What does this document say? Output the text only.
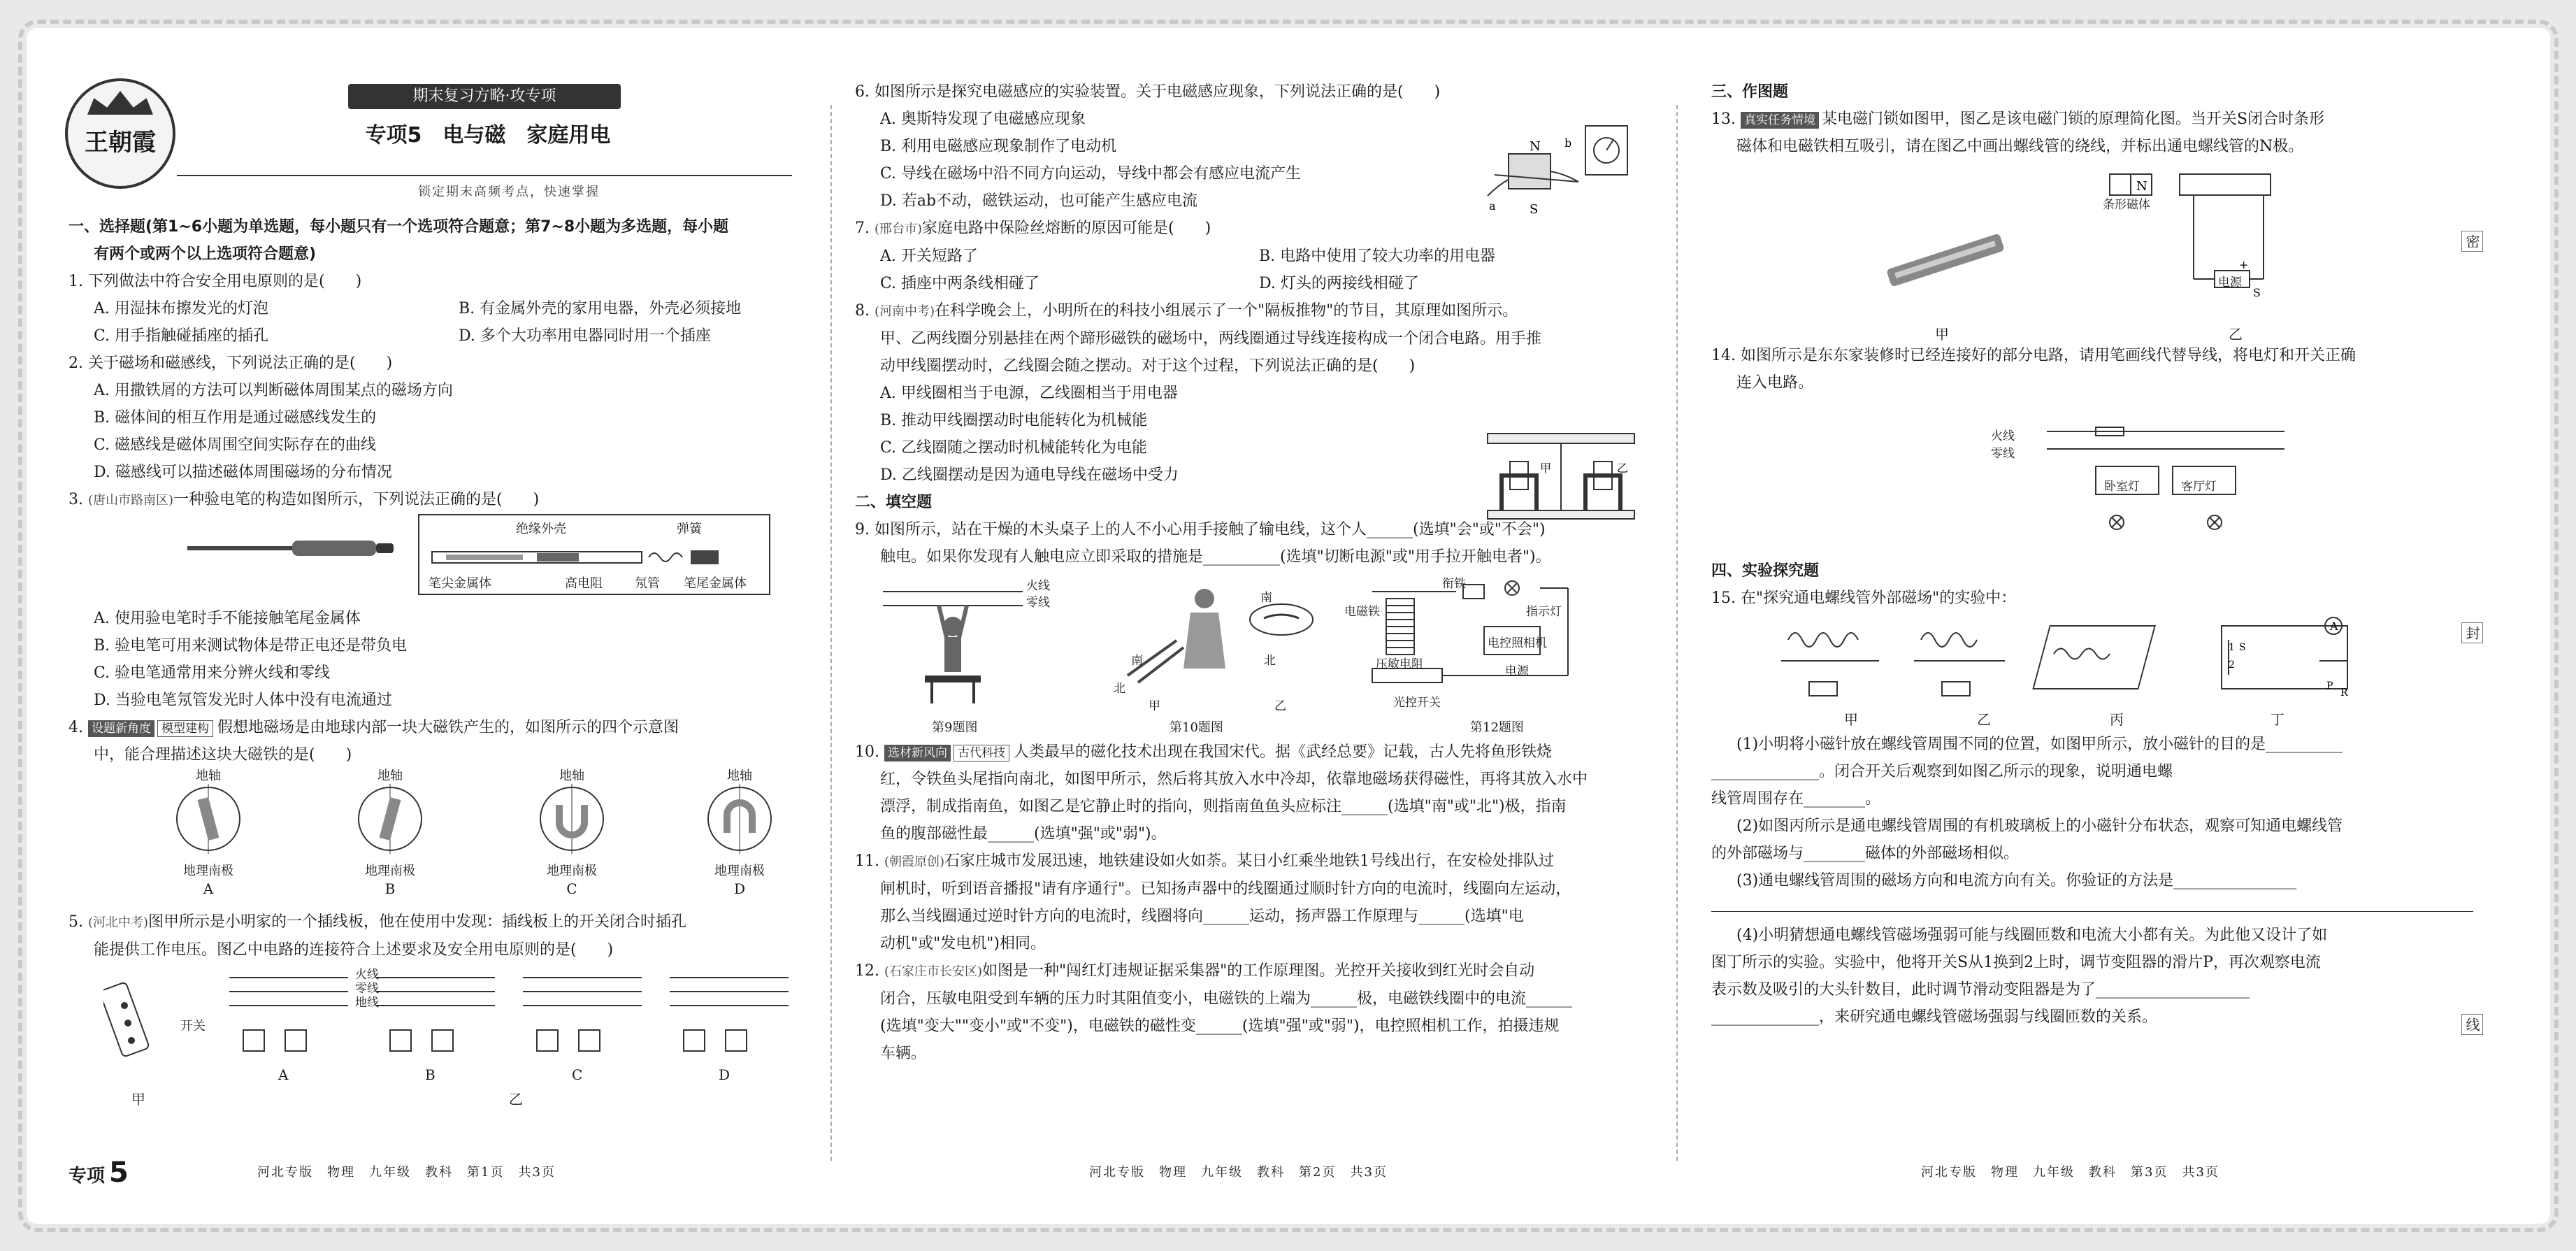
王朝霞
期末复习方略·攻专项
专项5　电与磁　家庭用电
锁定期末高频考点，快速掌握
一、选择题(第1~6小题为单选题，每小题只有一个选项符合题意；第7~8小题为多选题，每小题
有两个或两个以上选项符合题意)
1. 下列做法中符合安全用电原则的是(　　)
A. 用湿抹布擦发光的灯泡	B. 有金属外壳的家用电器，外壳必须接地
C. 用手指触碰插座的插孔	D. 多个大功率用电器同时用一个插座
2. 关于磁场和磁感线，下列说法正确的是(　　)
A. 用撒铁屑的方法可以判断磁体周围某点的磁场方向
B. 磁体间的相互作用是通过磁感线发生的
C. 磁感线是磁体周围空间实际存在的曲线
D. 磁感线可以描述磁体周围磁场的分布情况
3. (唐山市路南区)一种验电笔的构造如图所示，下列说法正确的是(　　)
绝缘外壳	弹簧
笔尖金属体	高电阻	氖管 笔尾金属体
A. 使用验电笔时手不能接触笔尾金属体
B. 验电笔可用来测试物体是带正电还是带负电
C. 验电笔通常用来分辨火线和零线
D. 当验电笔氖管发光时人体中没有电流通过
4. 设题新角度 模型建构 假想地磁场是由地球内部一块大磁铁产生的，如图所示的四个示意图
中，能合理描述这块大磁铁的是(　　)
地轴
地理南极
A
地轴
地理南极
B
地轴
地理南极
C
地轴
地理南极
D
5. (河北中考)图甲所示是小明家的一个插线板，他在使用中发现：插线板上的开关闭合时插孔
能提供工作电压。图乙中电路的连接符合上述要求及安全用电原则的是(　　)
开关
甲
火线
零线
地线
A	B	C	D
乙
6. 如图所示是探究电磁感应的实验装置。关于电磁感应现象，下列说法正确的是(　　)
A. 奥斯特发现了电磁感应现象
B. 利用电磁感应现象制作了电动机
C. 导线在磁场中沿不同方向运动，导线中都会有感应电流产生
D. 若ab不动，磁铁运动，也可能产生感应电流
7. (邢台市)家庭电路中保险丝熔断的原因可能是(　　)
A. 开关短路了	B. 电路中使用了较大功率的用电器
C. 插座中两条线相碰了	D. 灯头的两接线相碰了
8. (河南中考)在科学晚会上，小明所在的科技小组展示了一个"隔板推物"的节目，其原理如图所示。
甲、乙两线圈分别悬挂在两个蹄形磁铁的磁场中，两线圈通过导线连接构成一个闭合电路。用手推
动甲线圈摆动时，乙线圈会随之摆动。对于这个过程，下列说法正确的是(　　)
A. 甲线圈相当于电源，乙线圈相当于用电器
B. 推动甲线圈摆动时电能转化为机械能
C. 乙线圈随之摆动时机械能转化为电能
D. 乙线圈摆动是因为通电导线在磁场中受力
二、填空题
9. 如图所示，站在干燥的木头桌子上的人不小心用手接触了输电线，这个人______(选填"会"或"不会")
触电。如果你发现有人触电应立即采取的措施是__________(选填"切断电源"或"用手拉开触电者")。
火线
零线
第9题图
南
北
南
北
甲	乙
第10题图
衔铁
电磁铁	指示灯
电控照相机
压敏电阻	电源
光控开关
第12题图
10. 选材新风向 古代科技 人类最早的磁化技术出现在我国宋代。据《武经总要》记载，古人先将鱼形铁烧
红，令铁鱼头尾指向南北，如图甲所示，然后将其放入水中冷却，依靠地磁场获得磁性，再将其放入水中
漂浮，制成指南鱼，如图乙是它静止时的指向，则指南鱼鱼头应标注______(选填"南"或"北")极，指南
鱼的腹部磁性最______(选填"强"或"弱")。
11. (朝霞原创)石家庄城市发展迅速，地铁建设如火如荼。某日小红乘坐地铁1号线出行，在安检处排队过
闸机时，听到语音播报"请有序通行"。已知扬声器中的线圈通过顺时针方向的电流时，线圈向左运动，
那么当线圈通过逆时针方向的电流时，线圈将向______运动，扬声器工作原理与______(选填"电
动机"或"发电机")相同。
12. (石家庄市长安区)如图是一种"闯红灯违规证据采集器"的工作原理图。光控开关接收到红光时会自动
闭合，压敏电阻受到车辆的压力时其阻值变小，电磁铁的上端为______极，电磁铁线圈中的电流______
(选填"变大""变小"或"不变")，电磁铁的磁性变______(选填"强"或"弱")，电控照相机工作，拍摄违规
车辆。
N
S
a
b
甲	乙
三、作图题
13. 真实任务情境 某电磁门锁如图甲，图乙是该电磁门锁的原理简化图。当开关S闭合时条形
磁体和电磁铁相互吸引，请在图乙中画出螺线管的绕线，并标出通电螺线管的N极。
甲
N
S
+
条形磁体
电源
乙
14. 如图所示是东东家装修时已经连接好的部分电路，请用笔画线代替导线，将电灯和开关正确
连入电路。
火线
零线
卧室灯	客厅灯
四、实验探究题
15. 在"探究通电螺线管外部磁场"的实验中：
A
1 S
2
P
R
甲	乙	丙	丁
(1)小明将小磁针放在螺线管周围不同的位置，如图甲所示，放小磁针的目的是__________
______________。闭合开关后观察到如图乙所示的现象，说明通电螺
线管周围存在________。
(2)如图丙所示是通电螺线管周围的有机玻璃板上的小磁针分布状态，观察可知通电螺线管
的外部磁场与________磁体的外部磁场相似。
(3)通电螺线管周围的磁场方向和电流方向有关。你验证的方法是________________
(4)小明猜想通电螺线管磁场强弱可能与线圈匝数和电流大小都有关。为此他又设计了如
图丁所示的实验。实验中，他将开关S从1换到2上时，调节变阻器的滑片P，再次观察电流
表示数及吸引的大头针数目，此时调节滑动变阻器是为了____________________
______________，来研究通电螺线管磁场强弱与线圈匝数的关系。
密
封
线
专项 5	河北专版　物理　九年级　教科　第1页　共3页	河北专版　物理　九年级　教科　第2页　共3页	河北专版　物理　九年级　教科　第3页　共3页
